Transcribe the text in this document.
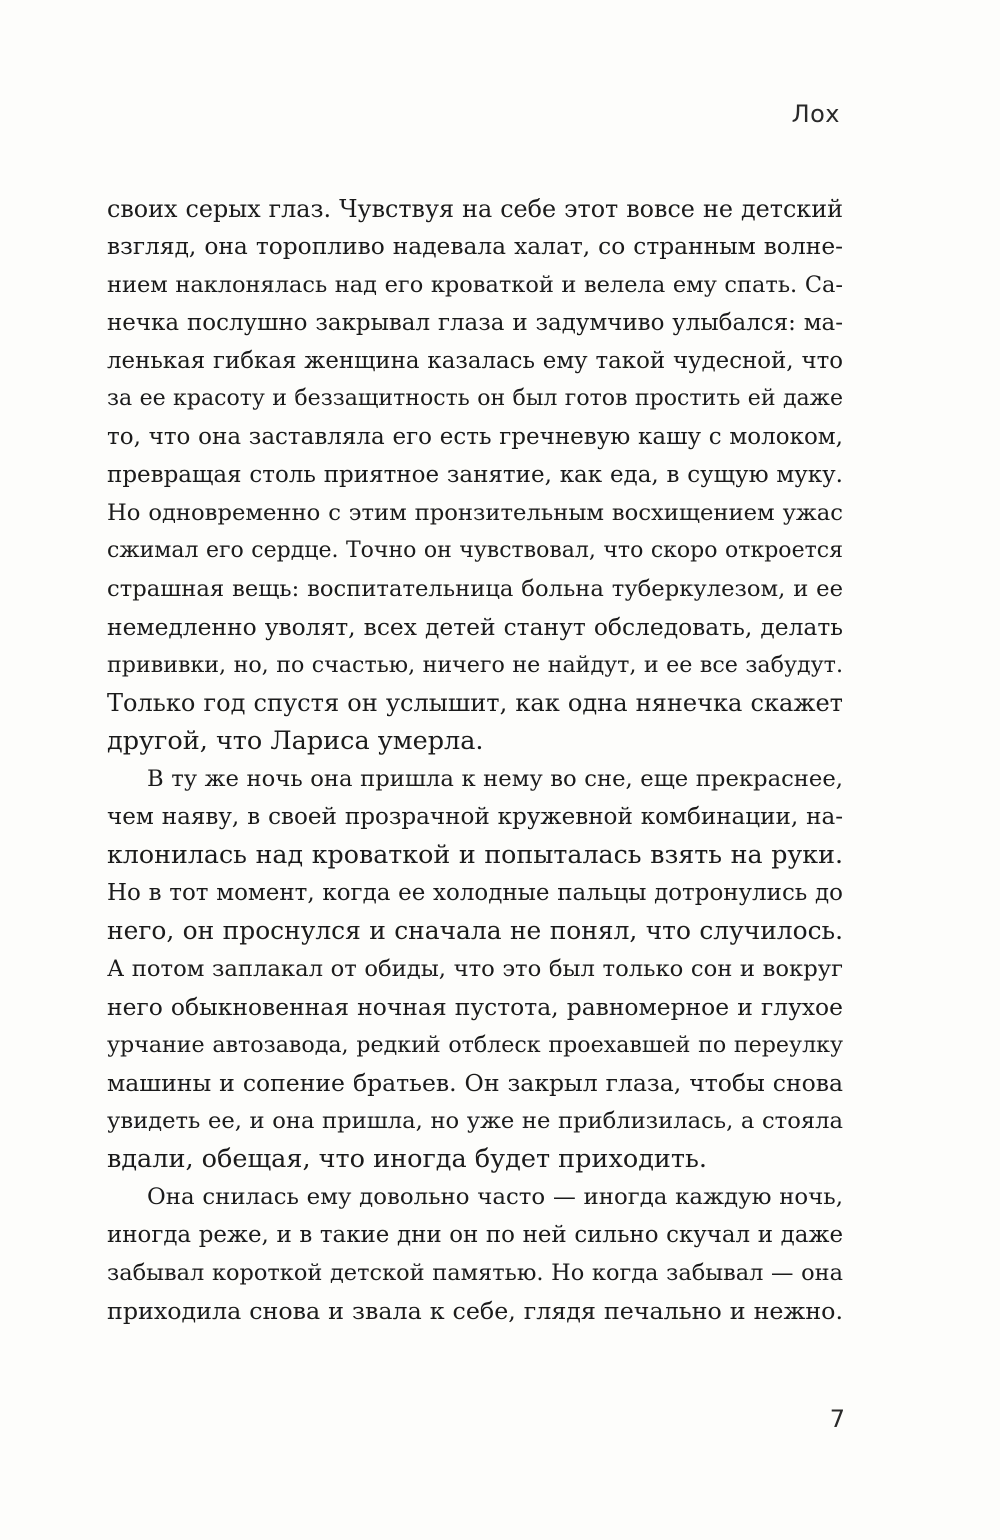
Лох
своих серых глаз. Чувствуя на себе этот вовсе не детский
взгляд, она торопливо надевала халат, со странным волне-
нием наклонялась над его кроваткой и велела ему спать. Са-
нечка послушно закрывал глаза и задумчиво улыбался: ма-
ленькая гибкая женщина казалась ему такой чудесной, что
за ее красоту и беззащитность он был готов простить ей даже
то, что она заставляла его есть гречневую кашу с молоком,
превращая столь приятное занятие, как еда, в сущую муку.
Но одновременно с этим пронзительным восхищением ужас
сжимал его сердце. Точно он чувствовал, что скоро откроется
страшная вещь: воспитательница больна туберкулезом, и ее
немедленно уволят, всех детей станут обследовать, делать
прививки, но, по счастью, ничего не найдут, и ее все забудут.
Только год спустя он услышит, как одна нянечка скажет
другой, что Лариса умерла.
В ту же ночь она пришла к нему во сне, еще прекраснее,
чем наяву, в своей прозрачной кружевной комбинации, на-
клонилась над кроваткой и попыталась взять на руки.
Но в тот момент, когда ее холодные пальцы дотронулись до
него, он проснулся и сначала не понял, что случилось.
А потом заплакал от обиды, что это был только сон и вокруг
него обыкновенная ночная пустота, равномерное и глухое
урчание автозавода, редкий отблеск проехавшей по переулку
машины и сопение братьев. Он закрыл глаза, чтобы снова
увидеть ее, и она пришла, но уже не приблизилась, а стояла
вдали, обещая, что иногда будет приходить.
Она снилась ему довольно часто — иногда каждую ночь,
иногда реже, и в такие дни он по ней сильно скучал и даже
забывал короткой детской памятью. Но когда забывал — она
приходила снова и звала к себе, глядя печально и нежно.
7
